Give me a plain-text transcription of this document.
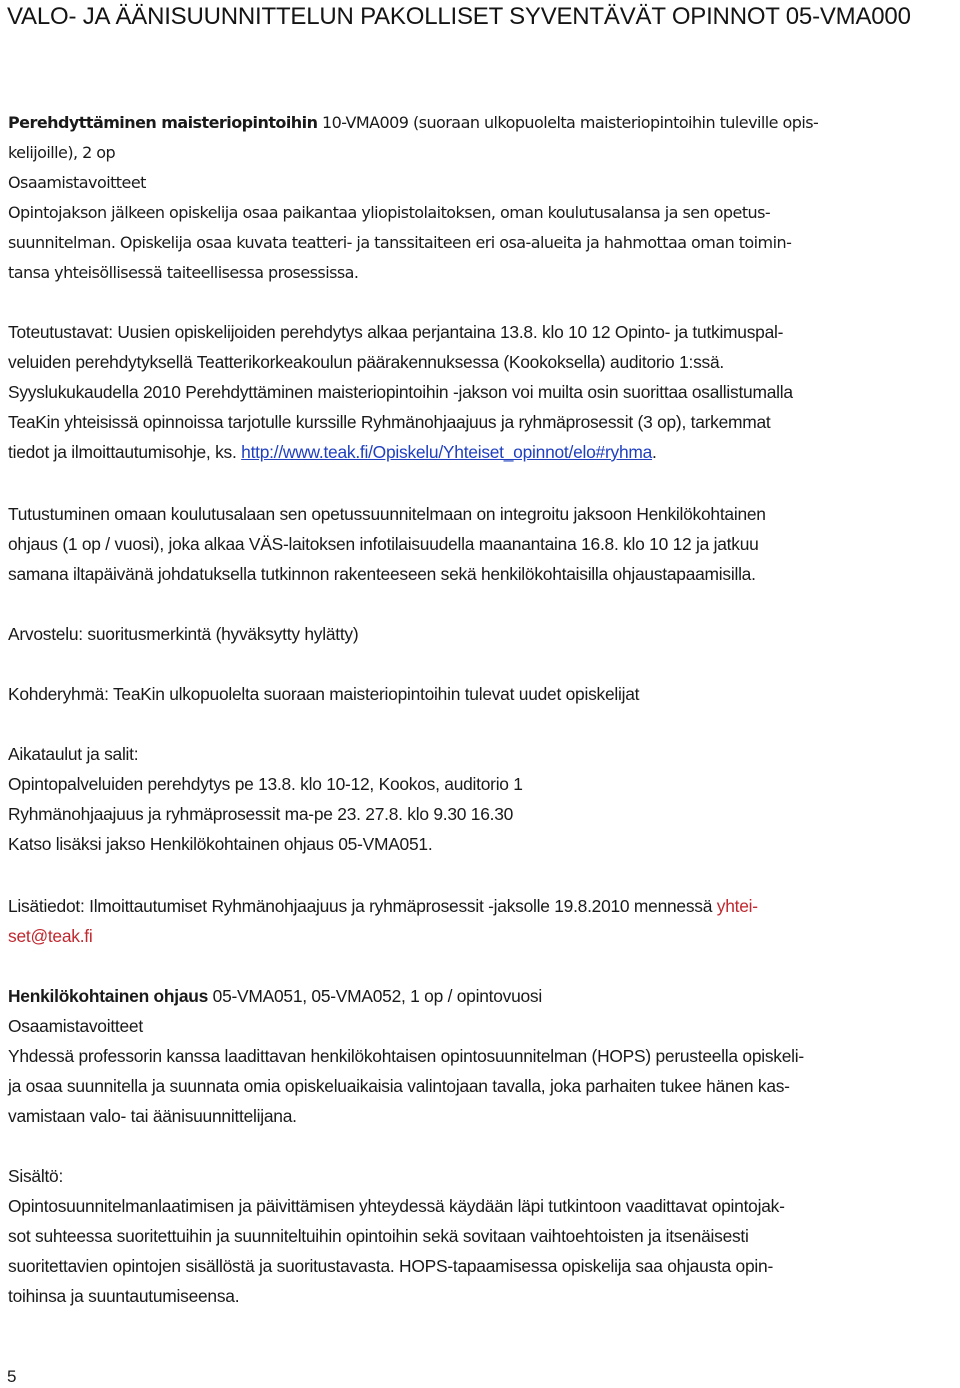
VALO- JA ÄÄNISUUNNITTELUN PAKOLLISET SYVENTÄVÄT OPINNOT 05-VMA000
Perehdyttäminen maisteriopintoihin 10-VMA009 (suoraan ulkopuolelta maisteriopintoihin tuleville opis-
kelijoille), 2 op
Osaamistavoitteet
Opintojakson jälkeen opiskelija osaa paikantaa yliopistolaitoksen, oman koulutusalansa ja sen opetus-
suunnitelman. Opiskelija osaa kuvata teatteri- ja tanssitaiteen eri osa-alueita ja hahmottaa oman toimin-
tansa yhteisöllisessä taiteellisessa prosessissa.
Toteutustavat: Uusien opiskelijoiden perehdytys alkaa perjantaina 13.8. klo 10 12 Opinto- ja tutkimuspal-
veluiden perehdytyksellä Teatterikorkeakoulun päärakennuksessa (Kookoksella) auditorio 1:ssä.
Syyslukukaudella 2010 Perehdyttäminen maisteriopintoihin -jakson voi muilta osin suorittaa osallistumalla
TeaKin yhteisissä opinnoissa tarjotulle kurssille Ryhmänohjaajuus ja ryhmäprosessit (3 op), tarkemmat
tiedot ja ilmoittautumisohje, ks. http://www.teak.fi/Opiskelu/Yhteiset_opinnot/elo#ryhma.
Tutustuminen omaan koulutusalaan sen opetussuunnitelmaan on integroitu jaksoon Henkilökohtainen
ohjaus (1 op / vuosi), joka alkaa VÄS-laitoksen infotilaisuudella maanantaina 16.8. klo 10 12 ja jatkuu
samana iltapäivänä johdatuksella tutkinnon rakenteeseen sekä henkilökohtaisilla ohjaustapaamisilla.
Arvostelu: suoritusmerkintä (hyväksytty hylätty)
Kohderyhmä: TeaKin ulkopuolelta suoraan maisteriopintoihin tulevat uudet opiskelijat
Aikataulut ja salit:
Opintopalveluiden perehdytys pe 13.8. klo 10-12, Kookos, auditorio 1
Ryhmänohjaajuus ja ryhmäprosessit ma-pe 23. 27.8. klo 9.30 16.30
Katso lisäksi jakso Henkilökohtainen ohjaus 05-VMA051.
Lisätiedot: Ilmoittautumiset Ryhmänohjaajuus ja ryhmäprosessit -jaksolle 19.8.2010 mennessä yhtei-
set@teak.fi
Henkilökohtainen ohjaus 05-VMA051, 05-VMA052, 1 op / opintovuosi
Osaamistavoitteet
Yhdessä professorin kanssa laadittavan henkilökohtaisen opintosuunnitelman (HOPS) perusteella opiskeli-
ja osaa suunnitella ja suunnata omia opiskeluaikaisia valintojaan tavalla, joka parhaiten tukee hänen kas-
vamistaan valo- tai äänisuunnittelijana.
Sisältö:
Opintosuunnitelmanlaatimisen ja päivittämisen yhteydessä käydään läpi tutkintoon vaadittavat opintojak-
sot suhteessa suoritettuihin ja suunniteltuihin opintoihin sekä sovitaan vaihtoehtoisten ja itsenäisesti
suoritettavien opintojen sisällöstä ja suoritustavasta. HOPS-tapaamisessa opiskelija saa ohjausta opin-
toihinsa ja suuntautumiseensa.
5
